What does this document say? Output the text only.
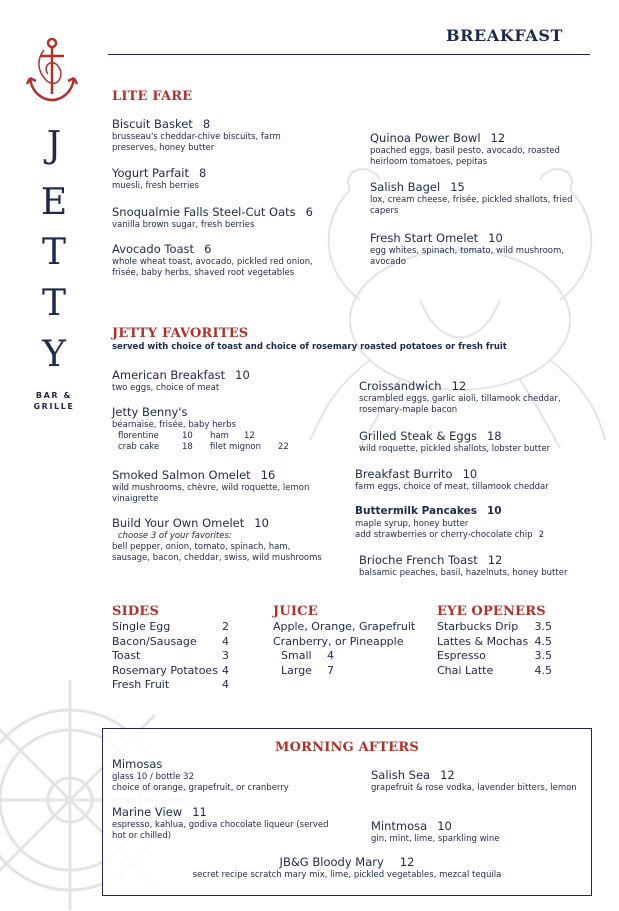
J
E
T
T
Y
BAR &
GRILLE
BREAKFAST
LITE FARE
Biscuit Basket 8
brusseau's cheddar-chive biscuits, farm preserves, honey butter
Yogurt Parfait 8
muesli, fresh berries
Snoqualmie Falls Steel-Cut Oats 6
vanilla brown sugar, fresh berries
Avocado Toast 6
whole wheat toast, avocado, pickled red onion, frisée, baby herbs, shaved root vegetables
Quinoa Power Bowl 12
poached eggs, basil pesto, avocado, roasted heirloom tomatoes, pepitas
Salish Bagel 15
lox, cream cheese, frisée, pickled shallots, fried capers
Fresh Start Omelet 10
egg whites, spinach, tomato, wild mushroom, avocado
JETTY FAVORITES
served with choice of toast and choice of rosemary roasted potatoes or fresh fruit
American Breakfast 10
two eggs, choice of meat
Jetty Benny's
béarnaise, frisée, baby herbs
florentine	10 ham 12
crab cake	18 filet mignon 22
Smoked Salmon Omelet 16
wild mushrooms, chèvre, wild roquette, lemon vinaigrette
Build Your Own Omelet 10
choose 3 of your favorites:
bell pepper, onion, tomato, spinach, ham, sausage, bacon, cheddar, swiss, wild mushrooms
Croissandwich 12
scrambled eggs, garlic aioli, tillamook cheddar, rosemary-maple bacon
Grilled Steak & Eggs 18
wild roquette, pickled shallots, lobster butter
Breakfast Burrito 10
farm eggs, choice of meat, tillamook cheddar
Buttermilk Pancakes 10
maple syrup, honey butter
add strawberries or cherry-chocolate chip 2
Brioche French Toast 12
balsamic peaches, basil, hazelnuts, honey butter
SIDES
Single Egg	2
Bacon/Sausage 4
Toast	3
Rosemary Potatoes 4
Fresh Fruit	4
JUICE
Apple, Orange, Grapefruit
Cranberry, or Pineapple
Small 4
Large 7
EYE OPENERS
Starbucks Drip 3.5
Lattes & Mochas 4.5
Espresso	3.5
Chai Latte	4.5
MORNING AFTERS
Mimosas
glass 10 / bottle 32
choice of orange, grapefruit, or cranberry
Marine View 11
espresso, kahlua, godiva chocolate liqueur (served hot or chilled)
Salish Sea 12
grapefruit & rose vodka, lavender bitters, lemon
Mintmosa 10
gin, mint, lime, sparkling wine
JB&G Bloody Mary 12
secret recipe scratch mary mix, lime, pickled vegetables, mezcal tequila
